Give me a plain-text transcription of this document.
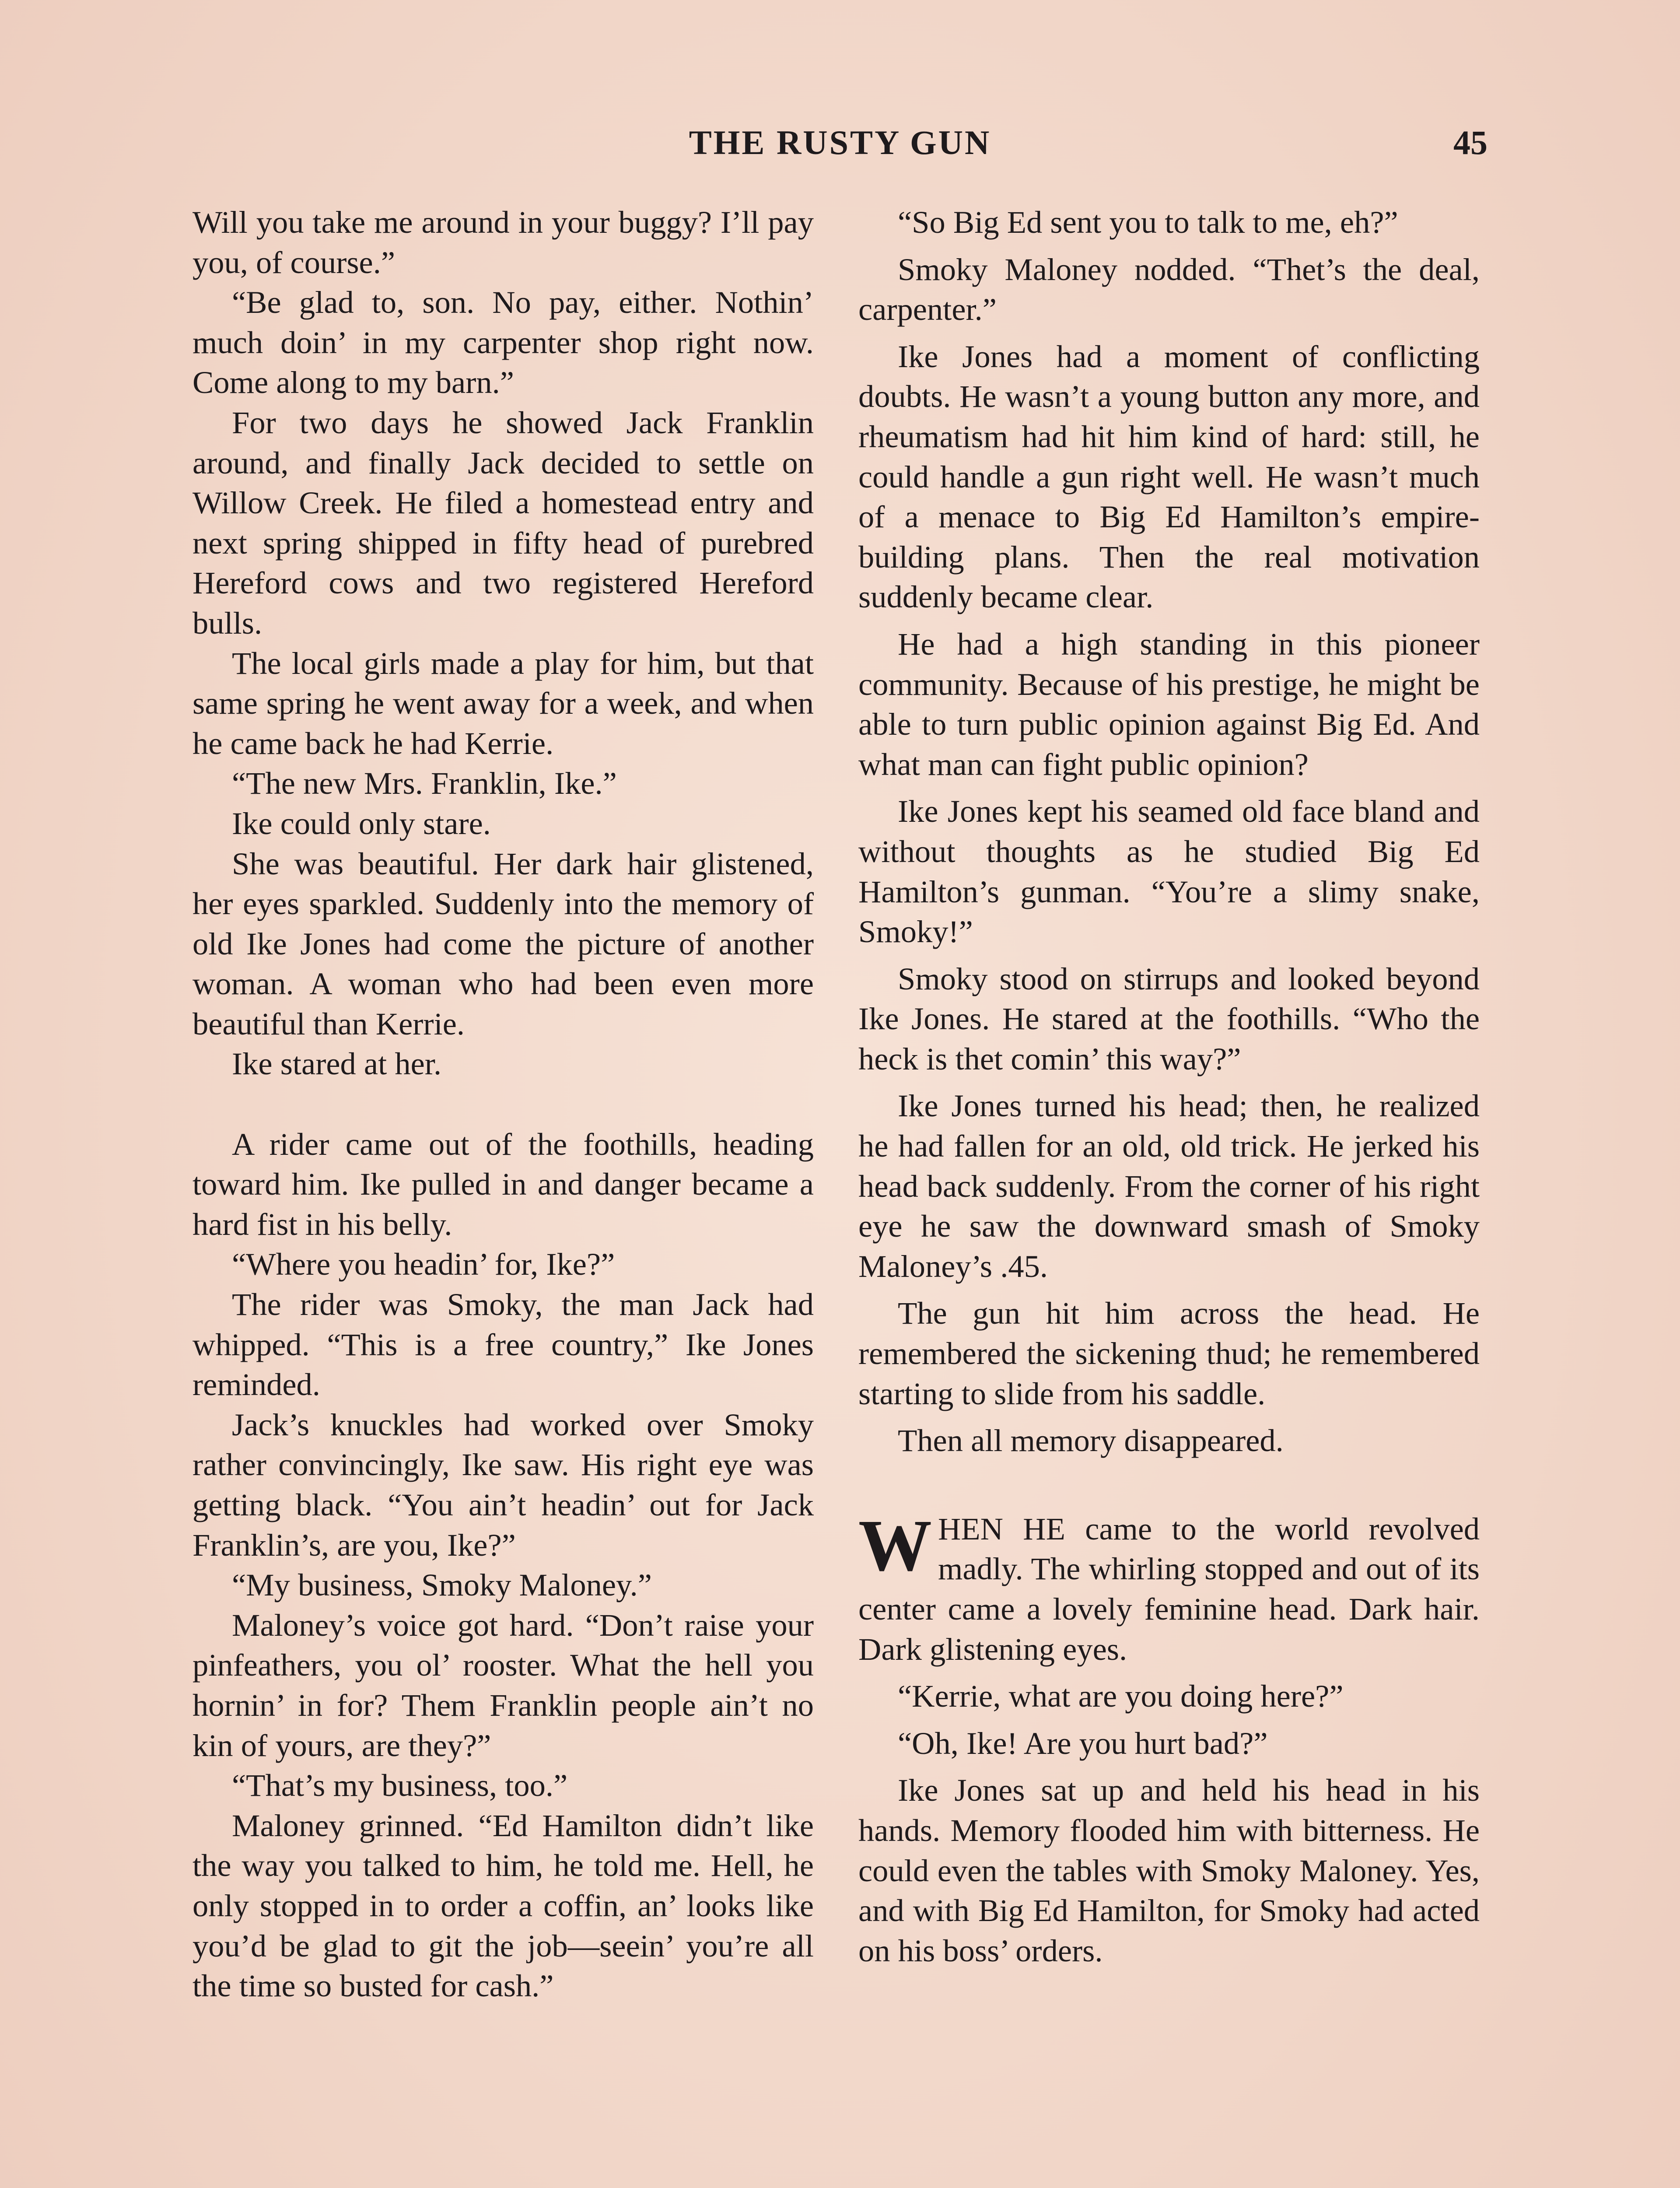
THE RUSTY GUN	45

Will you take me around in your buggy? I’ll pay you, of course.”

“Be glad to, son. No pay, either. Nothin’ much doin’ in my carpenter shop right now. Come along to my barn.”

For two days he showed Jack Franklin around, and finally Jack decided to settle on Willow Creek. He filed a homestead entry and next spring shipped in fifty head of purebred Hereford cows and two registered Hereford bulls.

The local girls made a play for him, but that same spring he went away for a week, and when he came back he had Kerrie.

“The new Mrs. Franklin, Ike.”

Ike could only stare.

She was beautiful. Her dark hair glistened, her eyes sparkled. Suddenly into the memory of old Ike Jones had come the picture of another woman. A woman who had been even more beautiful than Kerrie.

Ike stared at her.

A rider came out of the foothills, heading toward him. Ike pulled in and danger became a hard fist in his belly.

“Where you headin’ for, Ike?”

The rider was Smoky, the man Jack had whipped. “This is a free country,” Ike Jones reminded.

Jack’s knuckles had worked over Smoky rather convincingly, Ike saw. His right eye was getting black. “You ain’t headin’ out for Jack Franklin’s, are you, Ike?”

“My business, Smoky Maloney.”

Maloney’s voice got hard. “Don’t raise your pinfeathers, you ol’ rooster. What the hell you hornin’ in for? Them Franklin people ain’t no kin of yours, are they?”

“That’s my business, too.”

Maloney grinned. “Ed Hamilton didn’t like the way you talked to him, he told me. Hell, he only stopped in to order a coffin, an’ looks like you’d be glad to git the job—seein’ you’re all the time so busted for cash.”

“So Big Ed sent you to talk to me, eh?”

Smoky Maloney nodded. “Thet’s the deal, carpenter.”

Ike Jones had a moment of conflicting doubts. He wasn’t a young button any more, and rheumatism had hit him kind of hard: still, he could handle a gun right well. He wasn’t much of a menace to Big Ed Hamilton’s empire-building plans. Then the real motivation suddenly became clear.

He had a high standing in this pioneer community. Because of his prestige, he might be able to turn public opinion against Big Ed. And what man can fight public opinion?

Ike Jones kept his seamed old face bland and without thoughts as he studied Big Ed Hamilton’s gunman. “You’re a slimy snake, Smoky!”

Smoky stood on stirrups and looked beyond Ike Jones. He stared at the foothills. “Who the heck is thet comin’ this way?”

Ike Jones turned his head; then, he realized he had fallen for an old, old trick. He jerked his head back suddenly. From the corner of his right eye he saw the downward smash of Smoky Maloney’s .45.

The gun hit him across the head. He remembered the sickening thud; he remembered starting to slide from his saddle.

Then all memory disappeared.

WHEN HE came to the world revolved madly. The whirling stopped and out of its center came a lovely feminine head. Dark hair. Dark glistening eyes.

“Kerrie, what are you doing here?”

“Oh, Ike! Are you hurt bad?”

Ike Jones sat up and held his head in his hands. Memory flooded him with bitterness. He could even the tables with Smoky Maloney. Yes, and with Big Ed Hamilton, for Smoky had acted on his boss’ orders.
